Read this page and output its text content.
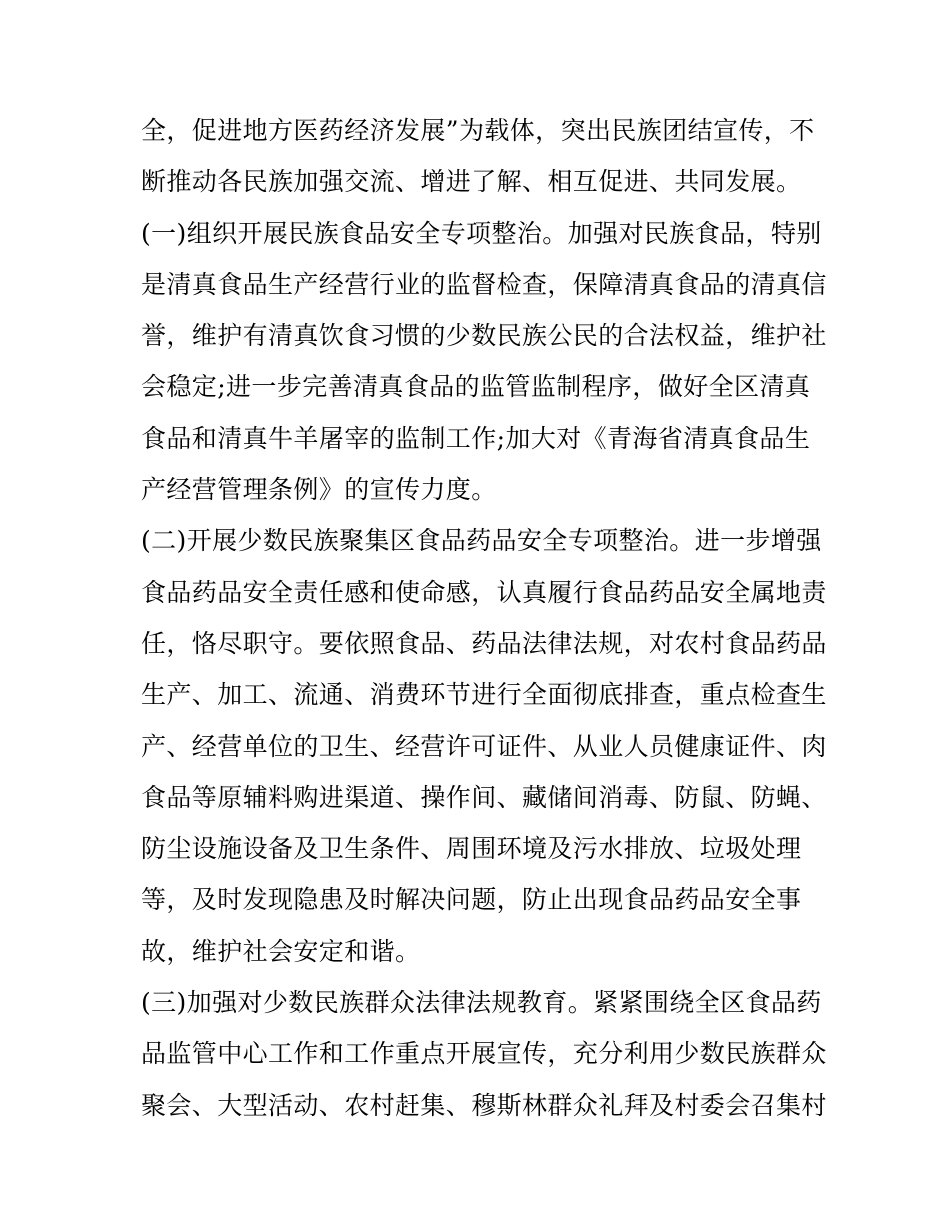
全，促进地方医药经济发展”为载体，突出民族团结宣传，不
断推动各民族加强交流、增进了解、相互促进、共同发展。
(一)组织开展民族食品安全专项整治。加强对民族食品，特别
是清真食品生产经营行业的监督检查，保障清真食品的清真信
誉，维护有清真饮食习惯的少数民族公民的合法权益，维护社
会稳定;进一步完善清真食品的监管监制程序，做好全区清真
食品和清真牛羊屠宰的监制工作;加大对《青海省清真食品生
产经营管理条例》的宣传力度。
(二)开展少数民族聚集区食品药品安全专项整治。进一步增强
食品药品安全责任感和使命感，认真履行食品药品安全属地责
任，恪尽职守。要依照食品、药品法律法规，对农村食品药品
生产、加工、流通、消费环节进行全面彻底排查，重点检查生
产、经营单位的卫生、经营许可证件、从业人员健康证件、肉
食品等原辅料购进渠道、操作间、藏储间消毒、防鼠、防蝇、
防尘设施设备及卫生条件、周围环境及污水排放、垃圾处理
等，及时发现隐患及时解决问题，防止出现食品药品安全事
故，维护社会安定和谐。
(三)加强对少数民族群众法律法规教育。紧紧围绕全区食品药
品监管中心工作和工作重点开展宣传，充分利用少数民族群众
聚会、大型活动、农村赶集、穆斯林群众礼拜及村委会召集村
